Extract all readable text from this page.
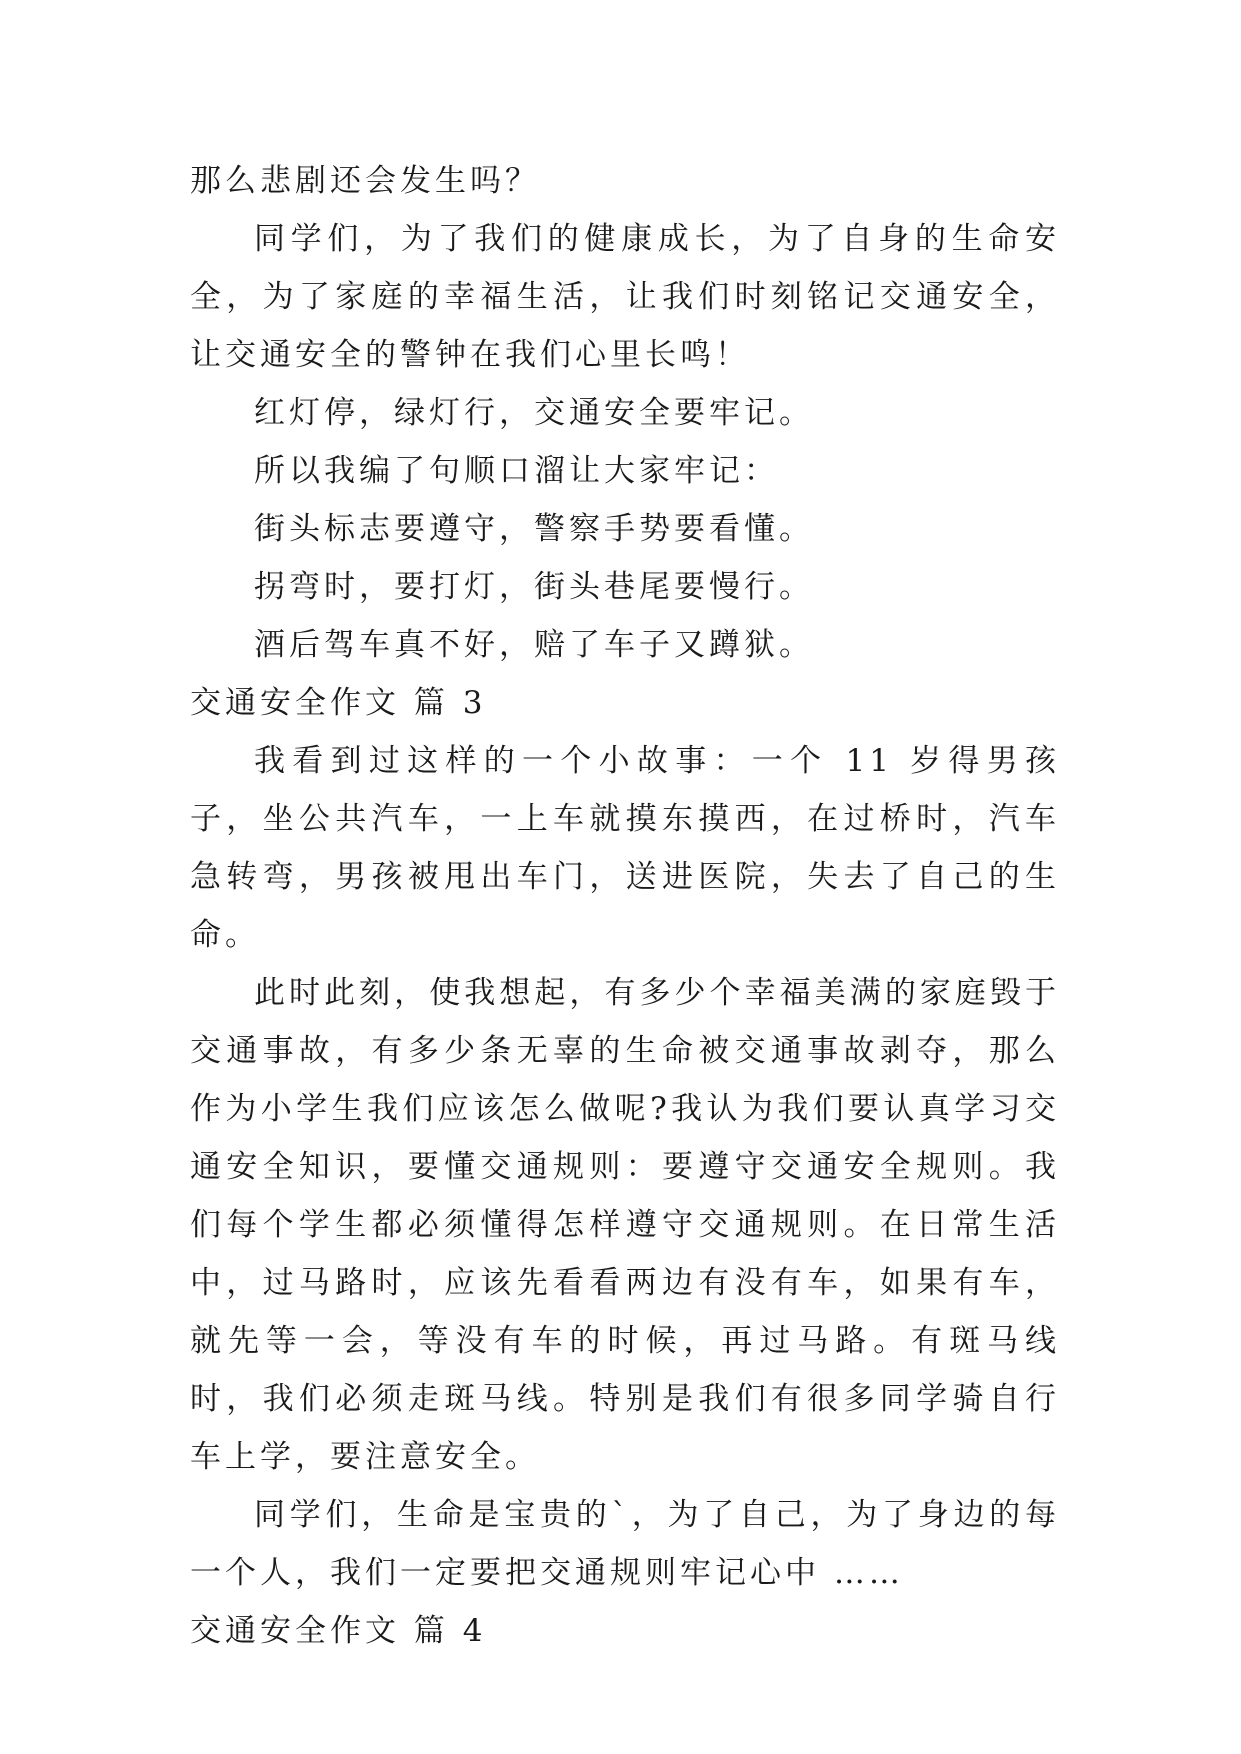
那么悲剧还会发生吗？

同学们，为了我们的健康成长，为了自身的生命安全，为了家庭的幸福生活，让我们时刻铭记交通安全，让交通安全的警钟在我们心里长鸣！

红灯停，绿灯行，交通安全要牢记。

所以我编了句顺口溜让大家牢记：

街头标志要遵守，警察手势要看懂。

拐弯时，要打灯，街头巷尾要慢行。

酒后驾车真不好，赔了车子又蹲狱。

交通安全作文 篇 3

我看到过这样的一个小故事：一个 11 岁得男孩子，坐公共汽车，一上车就摸东摸西，在过桥时，汽车急转弯，男孩被甩出车门，送进医院，失去了自己的生命。

此时此刻，使我想起，有多少个幸福美满的家庭毁于交通事故，有多少条无辜的生命被交通事故剥夺，那么作为小学生我们应该怎么做呢?我认为我们要认真学习交通安全知识，要懂交通规则：要遵守交通安全规则。我们每个学生都必须懂得怎样遵守交通规则。在日常生活中，过马路时，应该先看看两边有没有车，如果有车，就先等一会，等没有车的时候，再过马路。有斑马线时，我们必须走斑马线。特别是我们有很多同学骑自行车上学，要注意安全。

同学们，生命是宝贵的`，为了自己，为了身边的每一个人，我们一定要把交通规则牢记心中 ……

交通安全作文 篇 4
